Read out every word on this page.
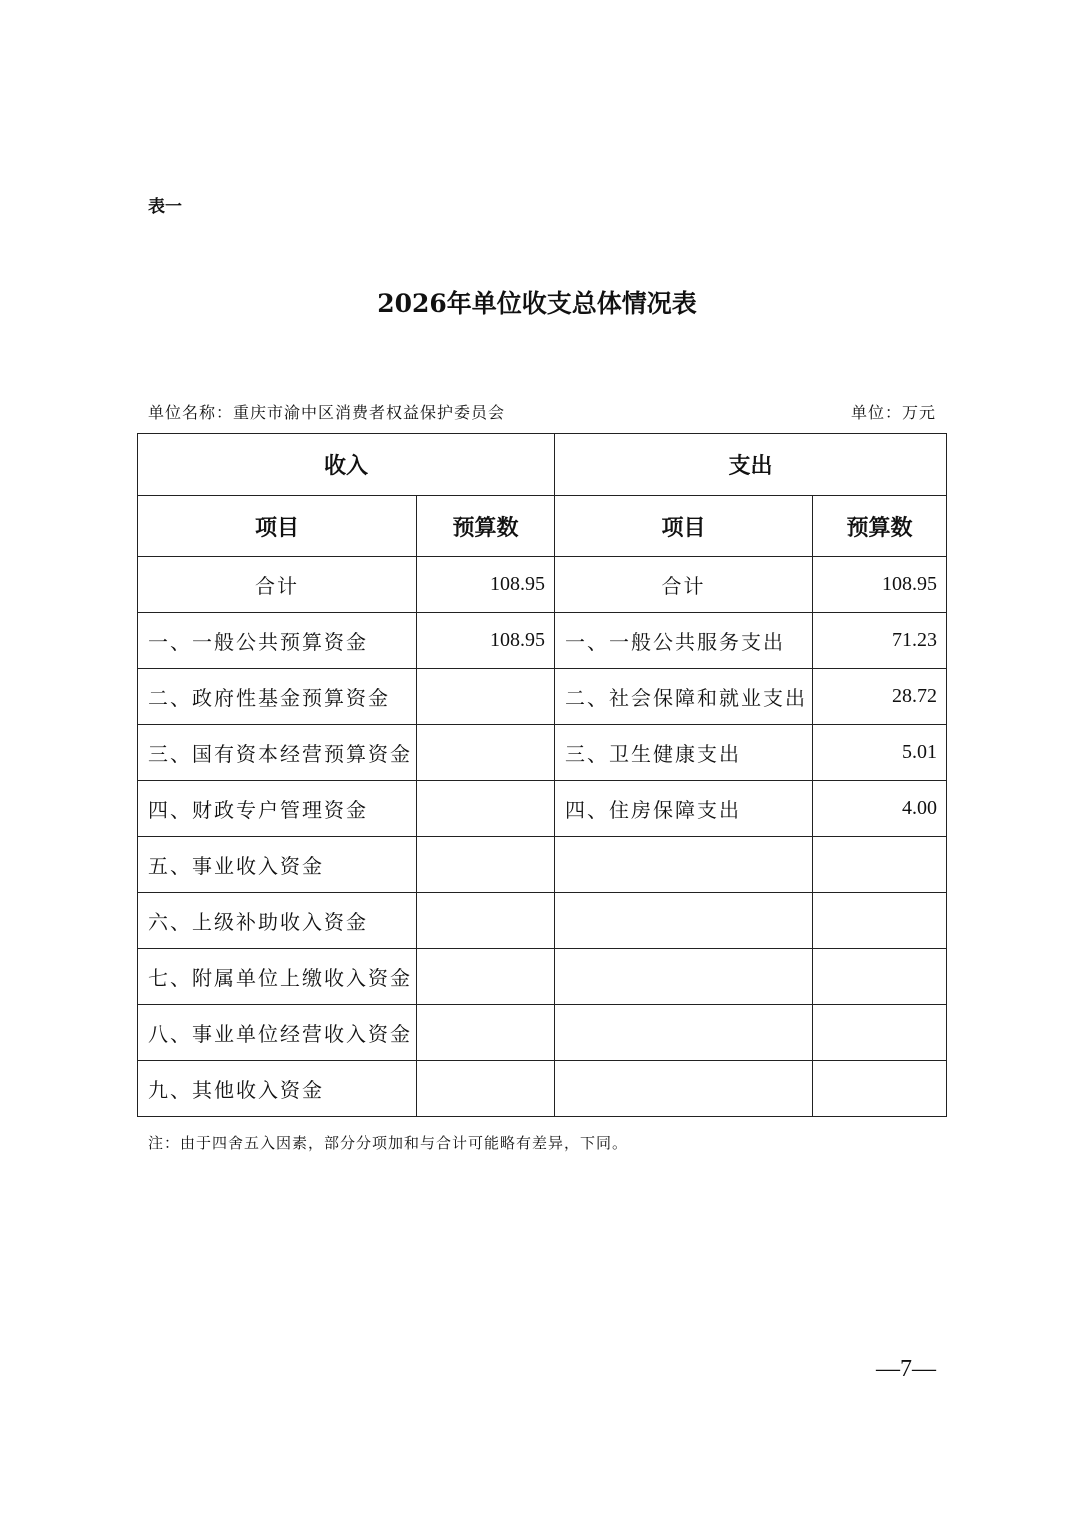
表一
2026年单位收支总体情况表
单位名称：重庆市渝中区消费者权益保护委员会	单位：万元
收入		支出	
项目	预算数	项目	预算数
合计	108.95	合计	108.95
一、一般公共预算资金	108.95	一、一般公共服务支出	71.23
二、政府性基金预算资金		二、社会保障和就业支出	28.72
三、国有资本经营预算资金		三、卫生健康支出	5.01
四、财政专户管理资金		四、住房保障支出	4.00
五、事业收入资金			
六、上级补助收入资金			
七、附属单位上缴收入资金			
八、事业单位经营收入资金			
九、其他收入资金			
注：由于四舍五入因素，部分分项加和与合计可能略有差异，下同。
—7—
